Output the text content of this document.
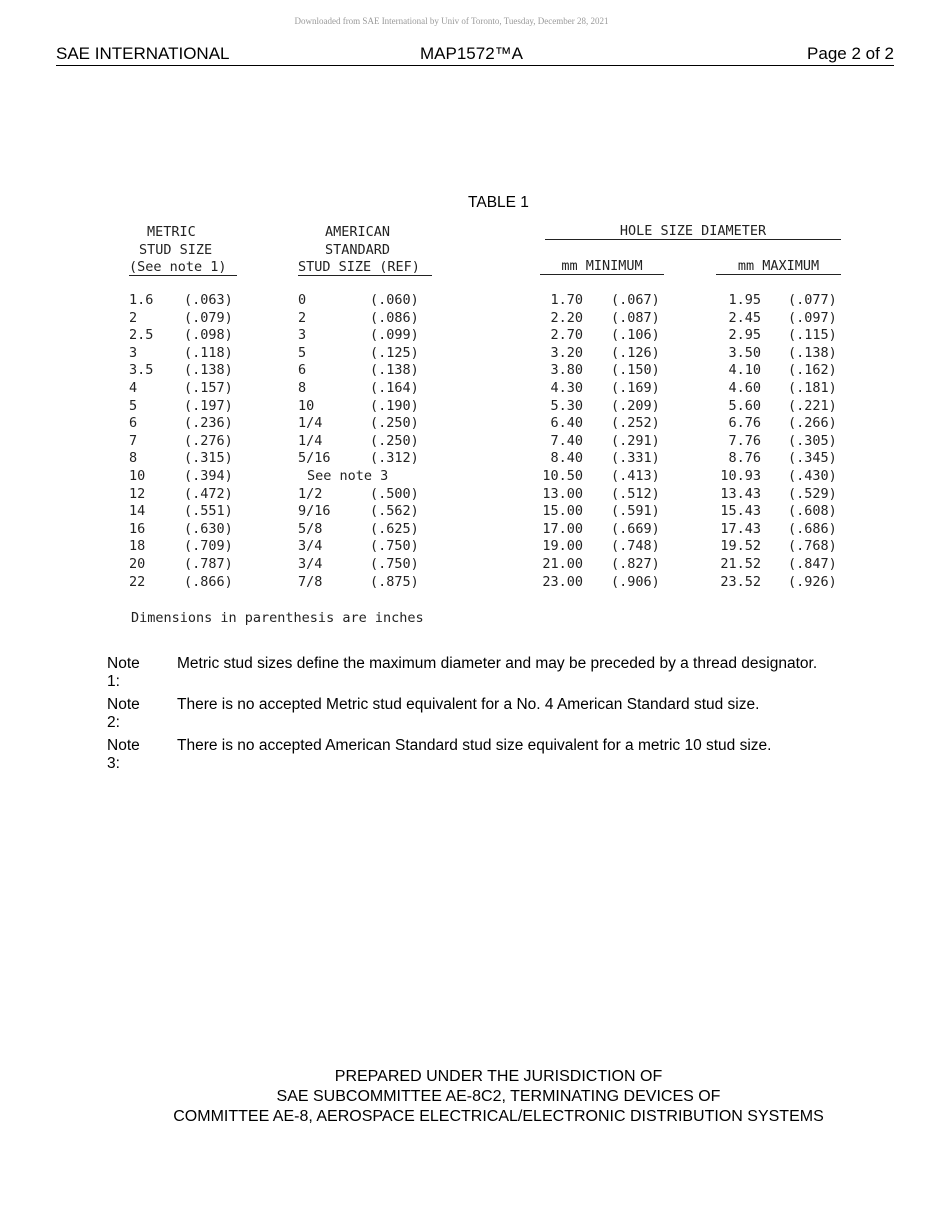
Downloaded from SAE International by Univ of Toronto, Tuesday, December 28, 2021
SAE INTERNATIONAL	MAP1572™A	Page 2 of 2
TABLE 1
METRIC
STUD SIZE
(See note 1)
AMERICAN
STANDARD
STUD SIZE (REF)
HOLE SIZE DIAMETER
mm MINIMUM	mm MAXIMUM
1.6 (.063)	0	(.060)	1.70 (.067)	1.95 (.077)
2	(.079)	2	(.086)	2.20 (.087)	2.45 (.097)
2.5 (.098)	3	(.099)	2.70 (.106)	2.95 (.115)
3	(.118)	5	(.125)	3.20 (.126)	3.50 (.138)
3.5 (.138)	6	(.138)	3.80 (.150)	4.10 (.162)
4	(.157)	8	(.164)	4.30 (.169)	4.60 (.181)
5	(.197)	10	(.190)	5.30 (.209)	5.60 (.221)
6	(.236)	1/4	(.250)	6.40 (.252)	6.76 (.266)
7	(.276)	1/4	(.250)	7.40 (.291)	7.76 (.305)
8	(.315)	5/16	(.312)	8.40 (.331)	8.76 (.345)
10	(.394)	See note 3	10.50 (.413)	10.93 (.430)
12	(.472)	1/2	(.500)	13.00 (.512)	13.43 (.529)
14	(.551)	9/16	(.562)	15.00 (.591)	15.43 (.608)
16	(.630)	5/8	(.625)	17.00 (.669)	17.43 (.686)
18	(.709)	3/4	(.750)	19.00 (.748)	19.52 (.768)
20	(.787)	3/4	(.750)	21.00 (.827)	21.52 (.847)
22	(.866)	7/8	(.875)	23.00 (.906)	23.52 (.926)
Dimensions in parenthesis are inches
Note 1:
Metric stud sizes define the maximum diameter and may be preceded by a thread designator.
Note 2:
There is no accepted Metric stud equivalent for a No. 4 American Standard stud size.
Note 3:
There is no accepted American Standard stud size equivalent for a metric 10 stud size.
PREPARED UNDER THE JURISDICTION OF
SAE SUBCOMMITTEE AE-8C2, TERMINATING DEVICES OF
COMMITTEE AE-8, AEROSPACE ELECTRICAL/ELECTRONIC DISTRIBUTION SYSTEMS
